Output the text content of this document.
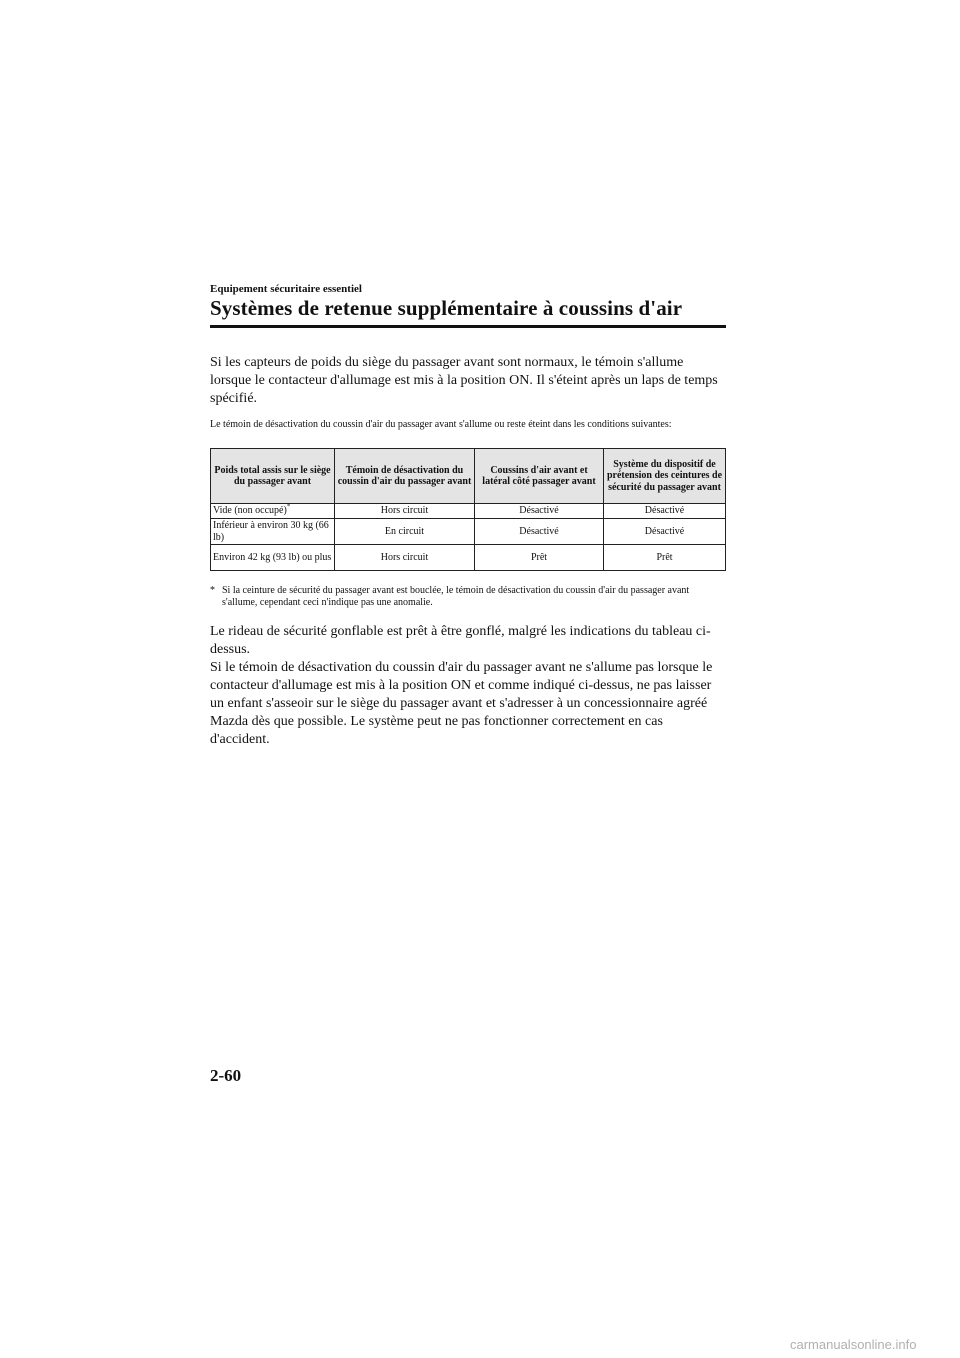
Equipement sécuritaire essentiel
Systèmes de retenue supplémentaire à coussins d'air
Si les capteurs de poids du siège du passager avant sont normaux, le témoin s'allume lorsque le contacteur d'allumage est mis à la position ON. Il s'éteint après un laps de temps spécifié.
Le témoin de désactivation du coussin d'air du passager avant s'allume ou reste éteint dans les conditions suivantes:
Poids total assis sur le siège du passager avant	Témoin de désactivation du coussin d'air du passager avant	Coussins d'air avant et latéral côté passager avant	Système du dispositif de prétension des ceintures de sécurité du passager avant
Vide (non occupé)*	Hors circuit	Désactivé	Désactivé
Inférieur à environ 30 kg (66 lb)	En circuit	Désactivé	Désactivé
Environ 42 kg (93 lb) ou plus	Hors circuit	Prêt	Prêt
* Si la ceinture de sécurité du passager avant est bouclée, le témoin de désactivation du coussin d'air du passager avant s'allume, cependant ceci n'indique pas une anomalie.
Le rideau de sécurité gonflable est prêt à être gonflé, malgré les indications du tableau ci-dessus.
Si le témoin de désactivation du coussin d'air du passager avant ne s'allume pas lorsque le contacteur d'allumage est mis à la position ON et comme indiqué ci-dessus, ne pas laisser un enfant s'asseoir sur le siège du passager avant et s'adresser à un concessionnaire agréé Mazda dès que possible. Le système peut ne pas fonctionner correctement en cas d'accident.
2-60
carmanualsonline.info
